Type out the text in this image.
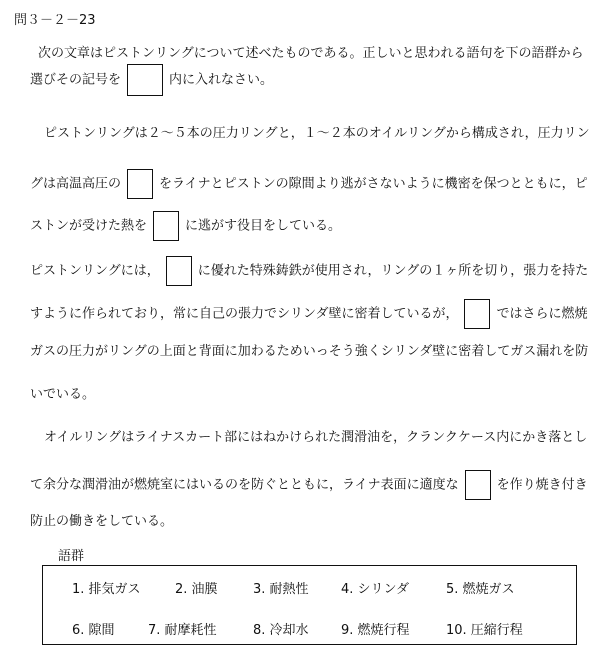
問３－２－23
次の文章はピストンリングについて述べたものである。正しいと思われる語句を下の語群から
選びその記号を	内に入れなさい。
ピストンリングは２～５本の圧力リングと，１～２本のオイルリングから構成され，圧力リン
グは高温高圧の	をライナとピストンの隙間より逃がさないように機密を保つとともに，ピ
ストンが受けた熱を	に逃がす役目をしている。
ピストンリングには，	に優れた特殊鋳鉄が使用され，リングの１ヶ所を切り，張力を持た
すように作られており，常に自己の張力でシリンダ壁に密着しているが，	ではさらに燃焼
ガスの圧力がリングの上面と背面に加わるためいっそう強くシリンダ壁に密着してガス漏れを防
いでいる。
オイルリングはライナスカート部にはねかけられた潤滑油を，クランクケース内にかき落とし
て余分な潤滑油が燃焼室にはいるのを防ぐとともに，ライナ表面に適度な	を作り焼き付き
防止の働きをしている。
語群
1. 排気ガス	2. 油膜	3. 耐熱性 4. シリンダ	5. 燃焼ガス
6. 隙間	7. 耐摩耗性	8. 冷却水 9. 燃焼行程	10. 圧縮行程
